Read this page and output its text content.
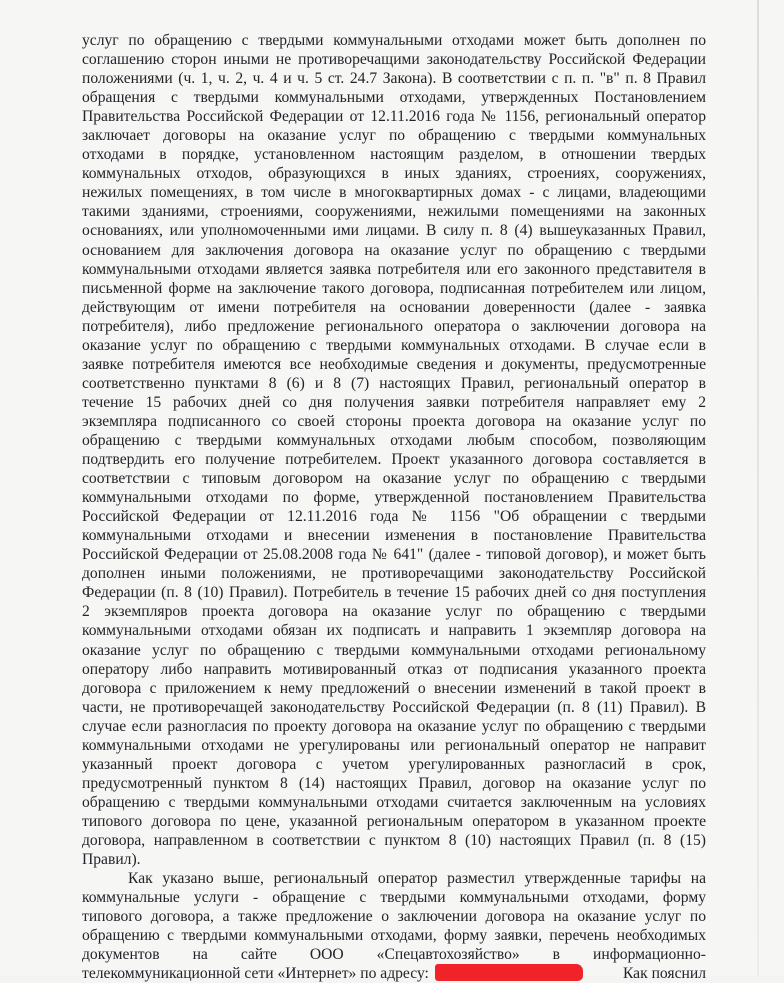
услуг по обращению с твердыми коммунальными отходами может быть дополнен по
соглашению сторон иными не противоречащими законодательству Российской Федерации
положениями (ч. 1, ч. 2, ч. 4 и ч. 5 ст. 24.7 Закона). В соответствии с п. п. "в" п. 8 Правил
обращения с твердыми коммунальными отходами, утвержденных Постановлением
Правительства Российской Федерации от 12.11.2016 года № 1156, региональный оператор
заключает договоры на оказание услуг по обращению с твердыми коммунальных
отходами в порядке, установленном настоящим разделом, в отношении твердых
коммунальных отходов, образующихся в иных зданиях, строениях, сооружениях,
нежилых помещениях, в том числе в многоквартирных домах - с лицами, владеющими
такими зданиями, строениями, сооружениями, нежилыми помещениями на законных
основаниях, или уполномоченными ими лицами. В силу п. 8 (4) вышеуказанных Правил,
основанием для заключения договора на оказание услуг по обращению с твердыми
коммунальными отходами является заявка потребителя или его законного представителя в
письменной форме на заключение такого договора, подписанная потребителем или лицом,
действующим от имени потребителя на основании доверенности (далее - заявка
потребителя), либо предложение регионального оператора о заключении договора на
оказание услуг по обращению с твердыми коммунальных отходами. В случае если в
заявке потребителя имеются все необходимые сведения и документы, предусмотренные
соответственно пунктами 8 (6) и 8 (7) настоящих Правил, региональный оператор в
течение 15 рабочих дней со дня получения заявки потребителя направляет ему 2
экземпляра подписанного со своей стороны проекта договора на оказание услуг по
обращению с твердыми коммунальных отходами любым способом, позволяющим
подтвердить его получение потребителем. Проект указанного договора составляется в
соответствии с типовым договором на оказание услуг по обращению с твердыми
коммунальными отходами по форме, утвержденной постановлением Правительства
Российской Федерации от 12.11.2016 года № 1156 "Об обращении с твердыми
коммунальными отходами и внесении изменения в постановление Правительства
Российской Федерации от 25.08.2008 года № 641" (далее - типовой договор), и может быть
дополнен иными положениями, не противоречащими законодательству Российской
Федерации (п. 8 (10) Правил). Потребитель в течение 15 рабочих дней со дня поступления
2 экземпляров проекта договора на оказание услуг по обращению с твердыми
коммунальными отходами обязан их подписать и направить 1 экземпляр договора на
оказание услуг по обращению с твердыми коммунальными отходами региональному
оператору либо направить мотивированный отказ от подписания указанного проекта
договора с приложением к нему предложений о внесении изменений в такой проект в
части, не противоречащей законодательству Российской Федерации (п. 8 (11) Правил). В
случае если разногласия по проекту договора на оказание услуг по обращению с твердыми
коммунальными отходами не урегулированы или региональный оператор не направит
указанный проект договора с учетом урегулированных разногласий в срок,
предусмотренный пунктом 8 (14) настоящих Правил, договор на оказание услуг по
обращению с твердыми коммунальными отходами считается заключенным на условиях
типового договора по цене, указанной региональным оператором в указанном проекте
договора, направленном в соответствии с пунктом 8 (10) настоящих Правил (п. 8 (15)
Правил).
Как указано выше, региональный оператор разместил утвержденные тарифы на
коммунальные услуги - обращение с твердыми коммунальными отходами, форму
типового договора, а также предложение о заключении договора на оказание услуг по
обращению с твердыми коммунальными отходами, форму заявки, перечень необходимых
документов на сайте ООО «Спецавтохозяйство» в информационно-
телекоммуникационной сети «Интернет» по адресу:	Как пояснил
